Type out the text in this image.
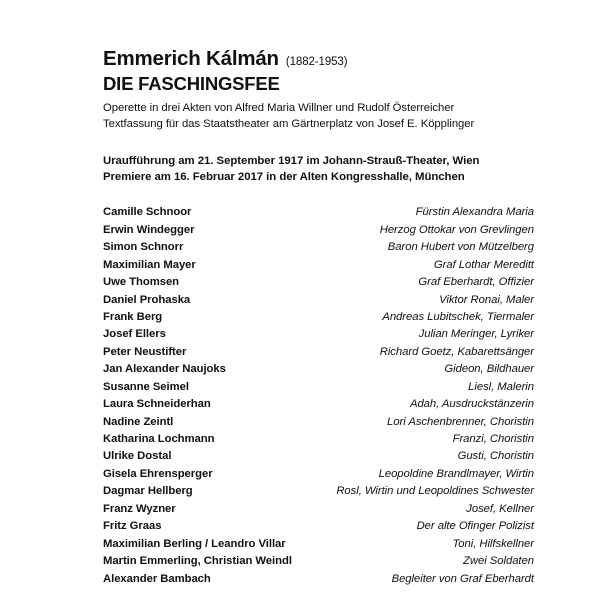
Emmerich Kálmán (1882-1953)
DIE FASCHINGSFEE
Operette in drei Akten von Alfred Maria Willner und Rudolf Österreicher
Textfassung für das Staatstheater am Gärtnerplatz von Josef E. Köpplinger
Uraufführung am 21. September 1917 im Johann-Strauß-Theater, Wien
Premiere am 16. Februar 2017 in der Alten Kongresshalle, München
Camille Schnoor	Fürstin Alexandra Maria
Erwin Windegger	Herzog Ottokar von Grevlingen
Simon Schnorr	Baron Hubert von Mützelberg
Maximilian Mayer	Graf Lothar Mereditt
Uwe Thomsen	Graf Eberhardt, Offizier
Daniel Prohaska	Viktor Ronai, Maler
Frank Berg	Andreas Lubitschek, Tiermaler
Josef Ellers	Julian Meringer, Lyriker
Peter Neustifter	Richard Goetz, Kabarettsänger
Jan Alexander Naujoks	Gideon, Bildhauer
Susanne Seimel	Liesl, Malerin
Laura Schneiderhan	Adah, Ausdruckstänzerin
Nadine Zeintl	Lori Aschenbrenner, Choristin
Katharina Lochmann	Franzi, Choristin
Ulrike Dostal	Gusti, Choristin
Gisela Ehrensperger	Leopoldine Brandlmayer, Wirtin
Dagmar Hellberg	Rosl, Wirtin und Leopoldines Schwester
Franz Wyzner	Josef, Kellner
Fritz Graas	Der alte Ofinger Polizist
Maximilian Berling / Leandro Villar	Toni, Hilfskellner
Martin Emmerling, Christian Weindl	Zwei Soldaten
Alexander Bambach	Begleiter von Graf Eberhardt
